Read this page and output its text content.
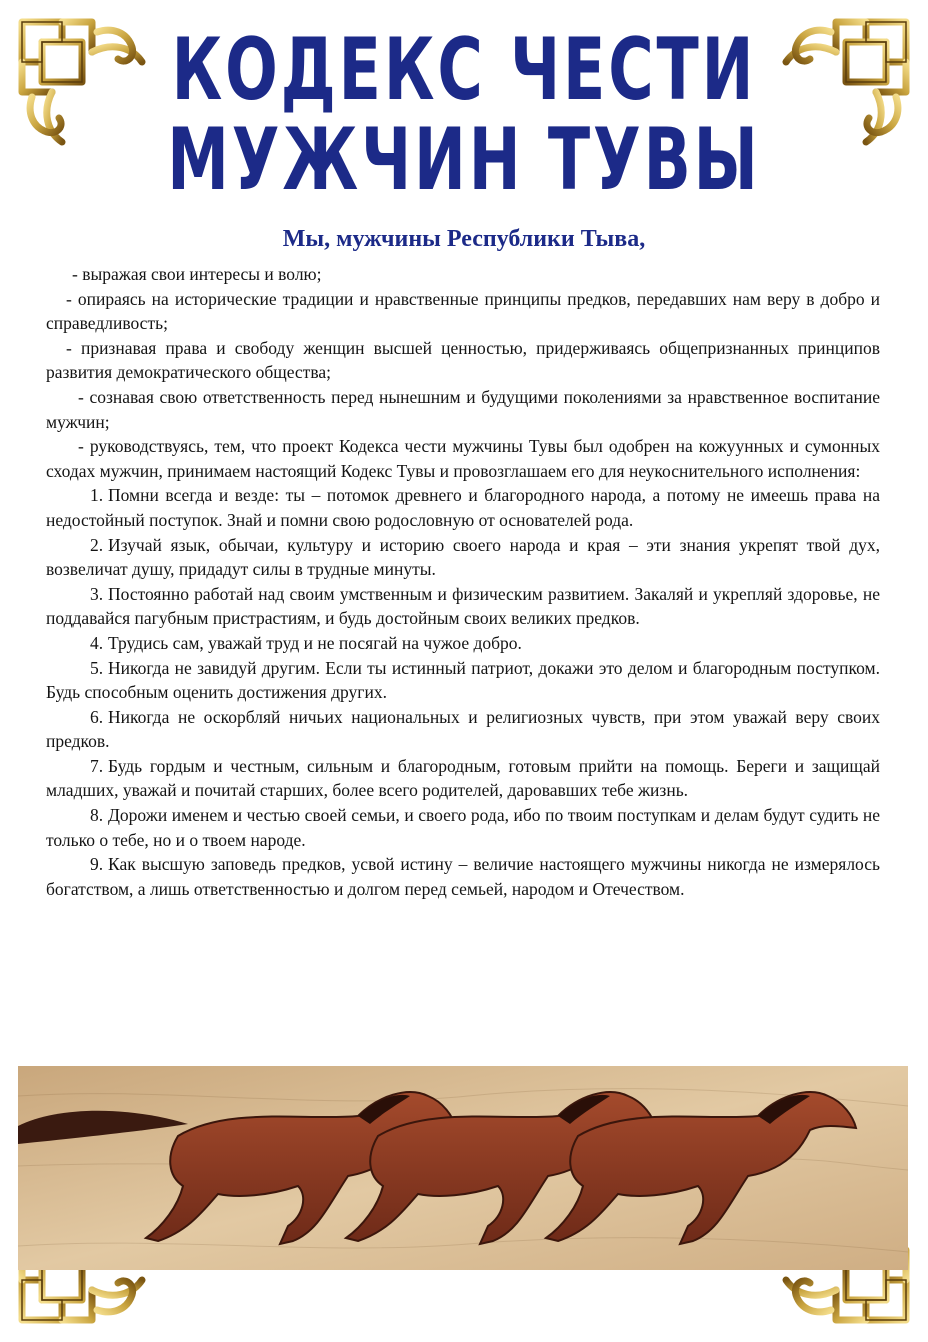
КОДЕКС ЧЕСТИ
МУЖЧИН ТУВЫ
Мы, мужчины Республики Тыва,

- выражая свои интересы и волю;

- опираясь на исторические традиции и нравственные принципы предков, передавших нам веру в добро и справедливость;

- признавая права и свободу женщин высшей ценностью, придерживаясь общепризнанных принципов развития демократического общества;

- сознавая свою ответственность перед нынешним и будущими поколениями за нравственное воспитание мужчин;

- руководствуясь, тем, что проект Кодекса чести мужчины Тувы был одобрен на кожуунных и сумонных сходах мужчин, принимаем настоящий Кодекс Тувы и провозглашаем его для неукоснительного исполнения:

1. Помни всегда и везде: ты – потомок древнего и благородного народа, а потому не имеешь права на недостойный поступок. Знай и помни свою родословную от основателей рода.

2. Изучай язык, обычаи, культуру и историю своего народа и края – эти знания укрепят твой дух, возвеличат душу, придадут силы в трудные минуты.

3. Постоянно работай над своим умственным и физическим развитием. Закаляй и укрепляй здоровье, не поддавайся пагубным пристрастиям, и будь достойным своих великих предков.

4. Трудись сам, уважай труд и не посягай на чужое добро.

5. Никогда не завидуй другим. Если ты истинный патриот, докажи это делом и благородным поступком. Будь способным оценить достижения других.

6. Никогда не оскорбляй ничьих национальных и религиозных чувств, при этом уважай веру своих предков.

7. Будь гордым и честным, сильным и благородным, готовым прийти на помощь. Береги и защищай младших, уважай и почитай старших, более всего родителей, даровавших тебе жизнь.

8. Дорожи именем и честью своей семьи, и своего рода, ибо по твоим поступкам и делам будут судить не только о тебе, но и о твоем народе.

9. Как высшую заповедь предков, усвой истину – величие настоящего мужчины никогда не измерялось богатством, а лишь ответственностью и долгом перед семьей, народом и Отечеством.
